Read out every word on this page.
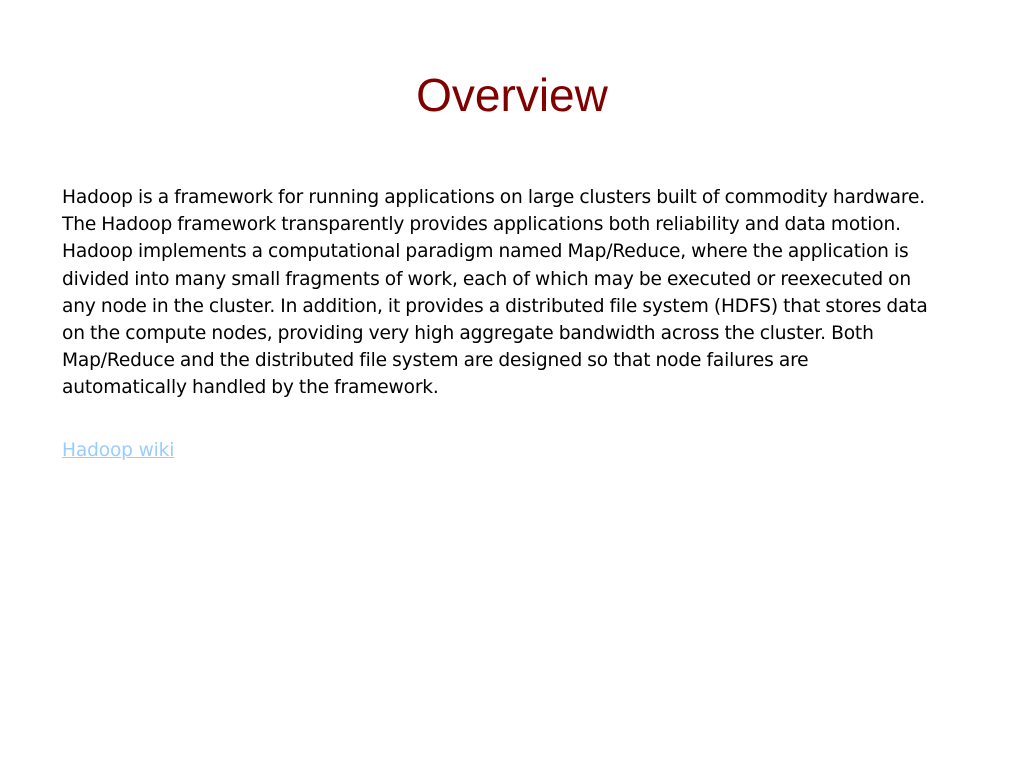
Overview

Hadoop is a framework for running applications on large clusters built of commodity hardware. The Hadoop framework transparently provides applications both reliability and data motion. Hadoop implements a computational paradigm named Map/Reduce, where the application is divided into many small fragments of work, each of which may be executed or reexecuted on any node in the cluster. In addition, it provides a distributed file system (HDFS) that stores data on the compute nodes, providing very high aggregate bandwidth across the cluster. Both Map/Reduce and the distributed file system are designed so that node failures are automatically handled by the framework.

Hadoop wiki
